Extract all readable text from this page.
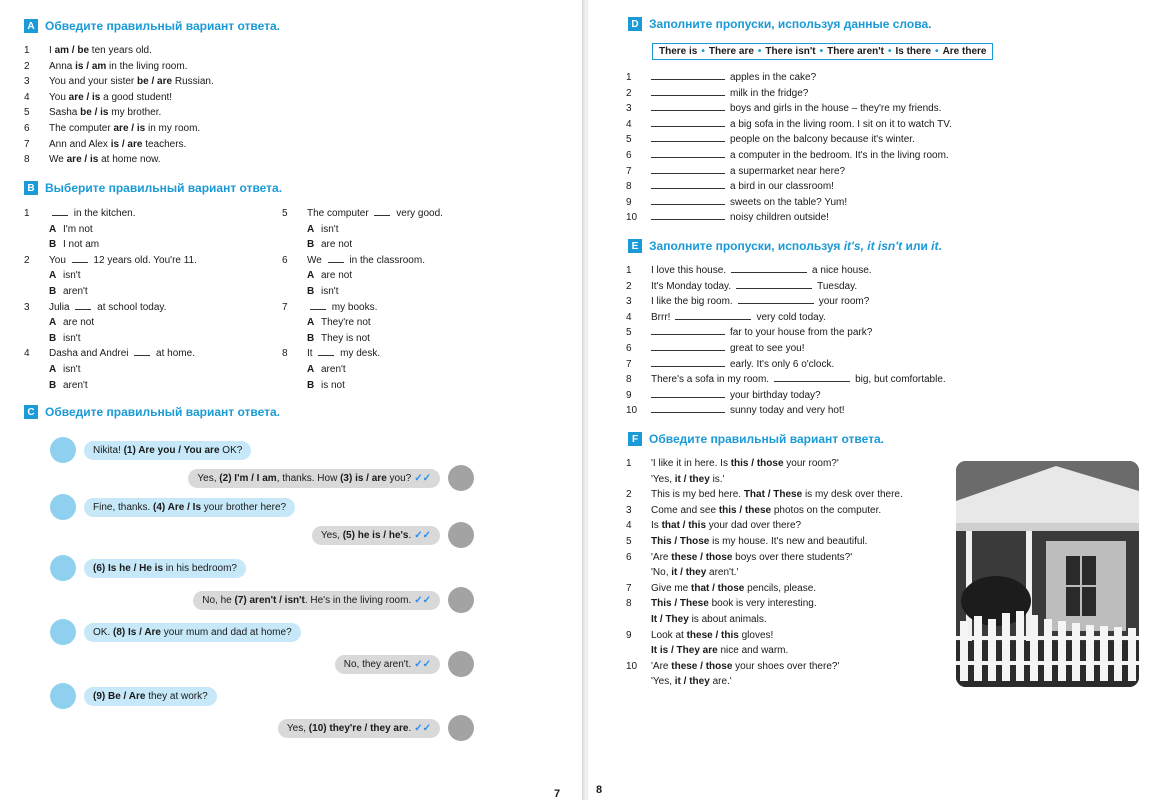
A Обведите правильный вариант ответа.
1	I am / be ten years old.
2	Anna is / am in the living room.
3	You and your sister be / are Russian.
4	You are / is a good student!
5	Sasha be / is my brother.
6	The computer are / is in my room.
7	Ann and Alex is / are teachers.
8	We are / is at home now.
B Выберите правильный вариант ответа.
1	in the kitchen.
A I'm not
B I not am
2	You  12 years old. You're 11.
A isn't
B aren't
3	Julia  at school today.
A are not
B isn't
4	Dasha and Andrei  at home.
A isn't
B aren't
5	The computer  very good.
A isn't
B are not
6	We  in the classroom.
A are not
B isn't
7	my books.
A They're not
B They is not
8	It  my desk.
A aren't
B is not
C Обведите правильный вариант ответа.
Nikita! (1) Are you / You are OK?
Yes, (2) I'm / I am, thanks. How (3) is / are you? ✓✓
Fine, thanks. (4) Are / Is your brother here?
Yes, (5) he is / he's. ✓✓
(6) Is he / He is in his bedroom?
No, he (7) aren't / isn't. He's in the living room. ✓✓
OK. (8) Is / Are your mum and dad at home?
No, they aren't. ✓✓
(9) Be / Are they at work?
Yes, (10) they're / they are. ✓✓
7
D Заполните пропуски, используя данные слова.
There is • There are • There isn't • There aren't • Is there • Are there
1	apples in the cake?
2	milk in the fridge?
3	boys and girls in the house – they're my friends.
4	a big sofa in the living room. I sit on it to watch TV.
5	people on the balcony because it's winter.
6	a computer in the bedroom. It's in the living room.
7	a supermarket near here?
8	a bird in our classroom!
9	sweets on the table? Yum!
10	noisy children outside!
E Заполните пропуски, используя it's, it isn't или it.
1	I love this house.	a nice house.
2	It's Monday today.	Tuesday.
3	I like the big room.	your room?
4	Brrr!	very cold today.
5	far to your house from the park?
6	great to see you!
7	early. It's only 6 o'clock.
8	There's a sofa in my room.	big, but comfortable.
9	your birthday today?
10	sunny today and very hot!
F Обведите правильный вариант ответа.
1	'I like it in here. Is this / those your room?'
'Yes, it / they is.'
2	This is my bed here. That / These is my desk over there.
3	Come and see this / these photos on the computer.
4	Is that / this your dad over there?
5	This / Those is my house. It's new and beautiful.
6	'Are these / those boys over there students?'
'No, it / they aren't.'
7	Give me that / those pencils, please.
8	This / These book is very interesting.
It / They is about animals.
9	Look at these / this gloves!
It is / They are nice and warm.
10	'Are these / those your shoes over there?'
'Yes, it / they are.'
8
